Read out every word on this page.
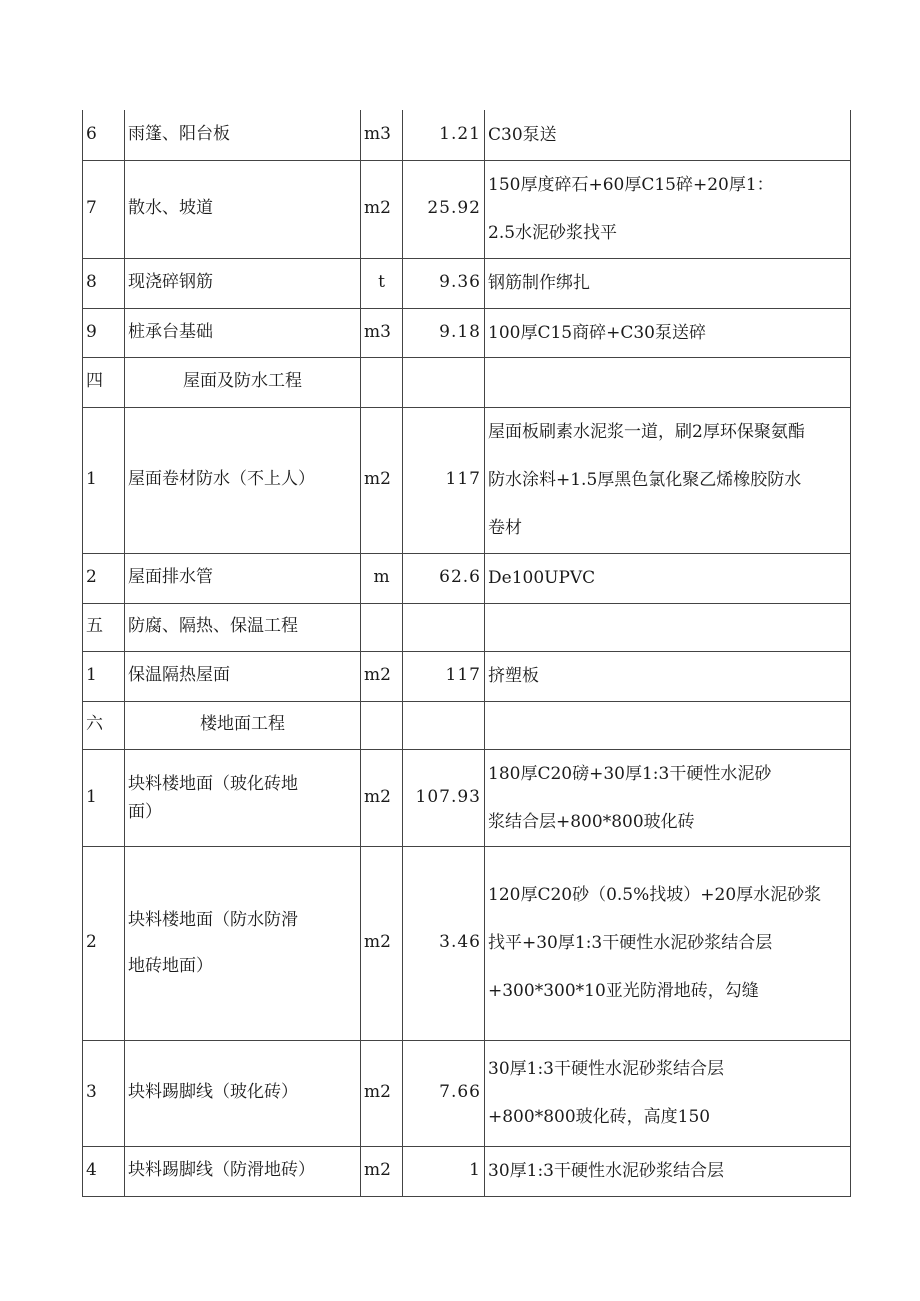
6	雨篷、阳台板	m3	1.21	C30泵送

7	散水、坡道	m2	25.92	150厚度碎石+60厚C15碎+20厚1：
2.5水泥砂浆找平

8	现浇碎钢筋	t	9.36	钢筋制作绑扎

9	桩承台基础	m3	9.18	100厚C15商碎+C30泵送碎

四	屋面及防水工程			
1	屋面卷材防水（不上人）	m2	117	屋面板刷素水泥浆一道，刷2厚环保聚氨酯
防水涂料+1.5厚黑色氯化聚乙烯橡胶防水
卷材

2	屋面排水管	m	62.6	De100UPVC

五	防腐、隔热、保温工程			
1	保温隔热屋面	m2	117	挤塑板

六	楼地面工程			
1	块料楼地面（玻化砖地
面）	m2	107.93	180厚C20磅+30厚1:3干硬性水泥砂
浆结合层+800*800玻化砖

2	块料楼地面（防水防滑
地砖地面）	m2	3.46	120厚C20砂（0.5%找坡）+20厚水泥砂浆
找平+30厚1:3干硬性水泥砂浆结合层
+300*300*10亚光防滑地砖，勾缝

3	块料踢脚线（玻化砖）	m2	7.66	30厚1:3干硬性水泥砂浆结合层
+800*800玻化砖，高度150

4	块料踢脚线（防滑地砖）	m2	1	30厚1:3干硬性水泥砂浆结合层
